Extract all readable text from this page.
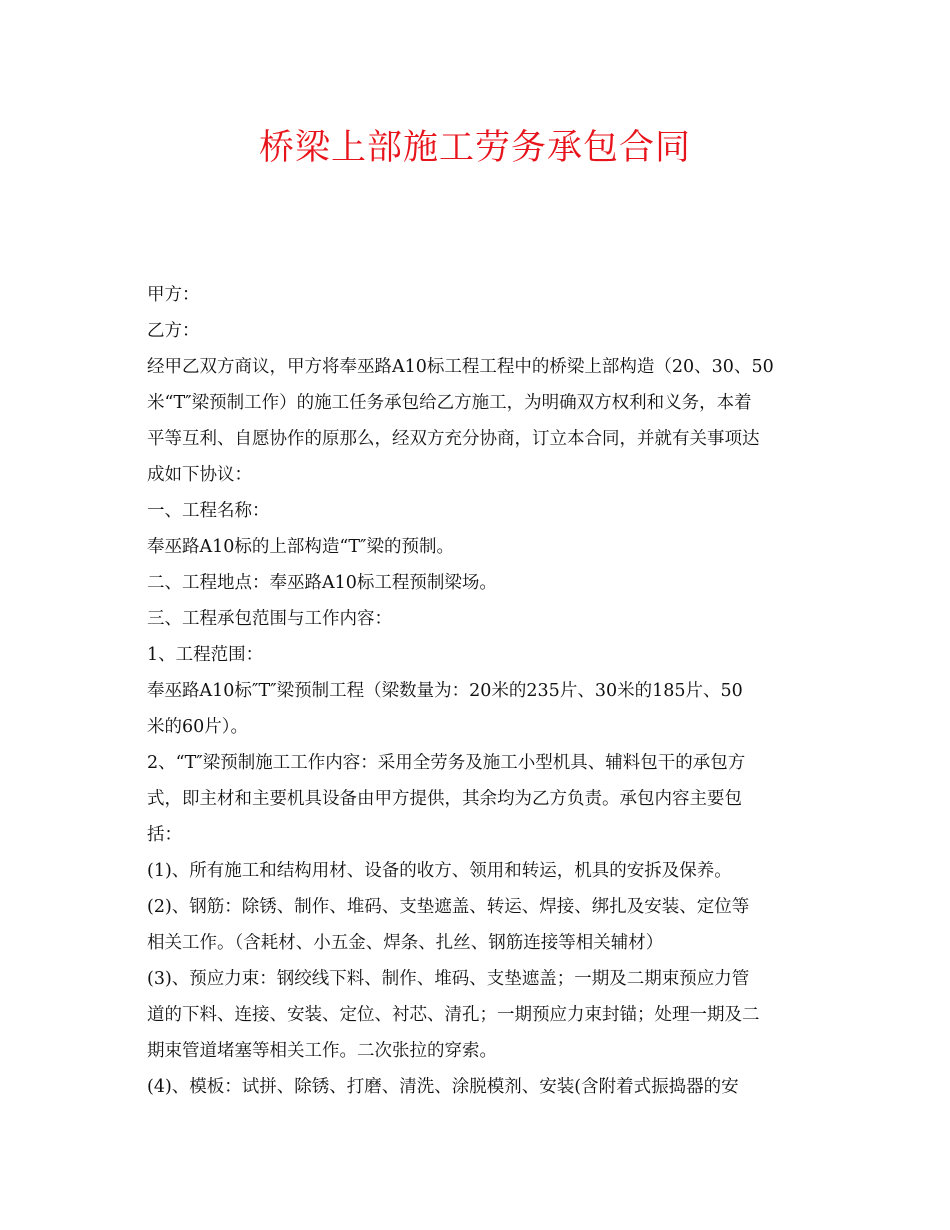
桥梁上部施工劳务承包合同
甲方：
乙方：
经甲乙双方商议，甲方将奉巫路A10标工程工程中的桥梁上部构造（20、30、50
米“T″梁预制工作）的施工任务承包给乙方施工，为明确双方权利和义务，本着
平等互利、自愿协作的原那么，经双方充分协商，订立本合同，并就有关事项达
成如下协议：
一、工程名称：
奉巫路A10标的上部构造“T″梁的预制。
二、工程地点：奉巫路A10标工程预制梁场。
三、工程承包范围与工作内容：
1、工程范围：
奉巫路A10标″T″梁预制工程（梁数量为：20米的235片、30米的185片、50
米的60片）。
2、“T″梁预制施工工作内容：采用全劳务及施工小型机具、辅料包干的承包方
式，即主材和主要机具设备由甲方提供，其余均为乙方负责。承包内容主要包
括：
(1)、所有施工和结构用材、设备的收方、领用和转运，机具的安拆及保养。
(2)、钢筋：除锈、制作、堆码、支垫遮盖、转运、焊接、绑扎及安装、定位等
相关工作。（含耗材、小五金、焊条、扎丝、钢筋连接等相关辅材）
(3)、预应力束：钢绞线下料、制作、堆码、支垫遮盖；一期及二期束预应力管
道的下料、连接、安装、定位、衬芯、清孔；一期预应力束封锚；处理一期及二
期束管道堵塞等相关工作。二次张拉的穿索。
(4)、模板：试拼、除锈、打磨、清洗、涂脱模剂、安装(含附着式振捣器的安
